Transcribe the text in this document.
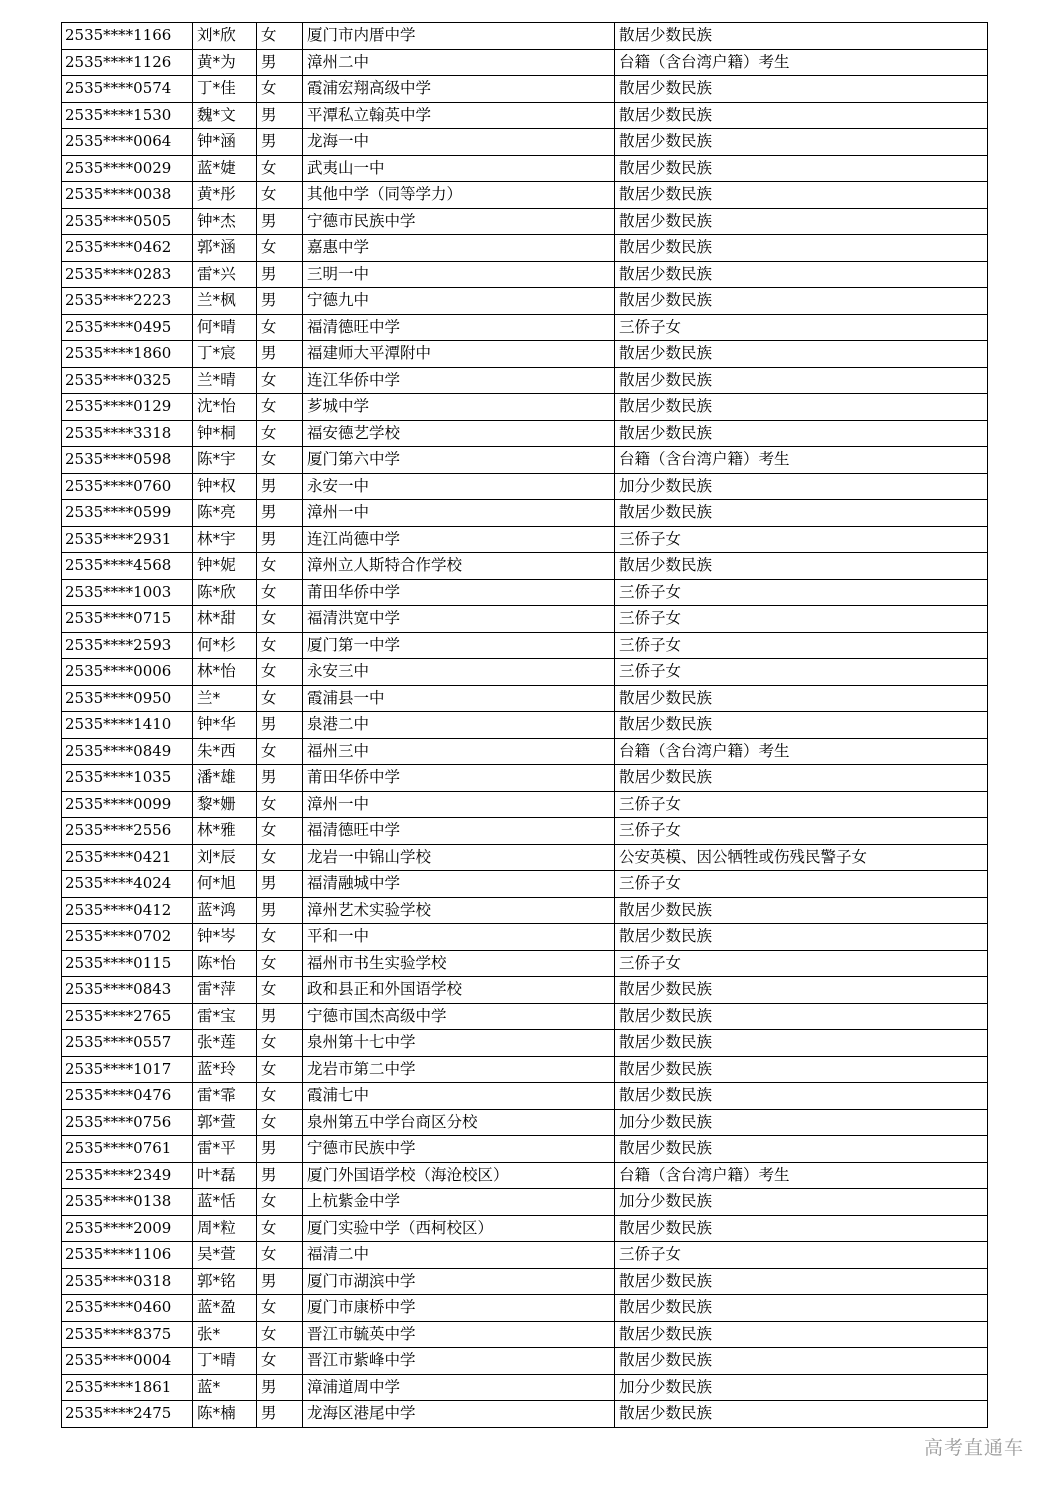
2535****1166	刘*欣	女	厦门市内厝中学	散居少数民族
2535****1126	黄*为	男	漳州二中	台籍（含台湾户籍）考生
2535****0574	丁*佳	女	霞浦宏翔高级中学	散居少数民族
2535****1530	魏*文	男	平潭私立翰英中学	散居少数民族
2535****0064	钟*涵	男	龙海一中	散居少数民族
2535****0029	蓝*婕	女	武夷山一中	散居少数民族
2535****0038	黄*彤	女	其他中学（同等学力）	散居少数民族
2535****0505	钟*杰	男	宁德市民族中学	散居少数民族
2535****0462	郭*涵	女	嘉惠中学	散居少数民族
2535****0283	雷*兴	男	三明一中	散居少数民族
2535****2223	兰*枫	男	宁德九中	散居少数民族
2535****0495	何*晴	女	福清德旺中学	三侨子女
2535****1860	丁*宸	男	福建师大平潭附中	散居少数民族
2535****0325	兰*晴	女	连江华侨中学	散居少数民族
2535****0129	沈*怡	女	芗城中学	散居少数民族
2535****3318	钟*桐	女	福安德艺学校	散居少数民族
2535****0598	陈*宇	女	厦门第六中学	台籍（含台湾户籍）考生
2535****0760	钟*权	男	永安一中	加分少数民族
2535****0599	陈*亮	男	漳州一中	散居少数民族
2535****2931	林*宇	男	连江尚德中学	三侨子女
2535****4568	钟*妮	女	漳州立人斯特合作学校	散居少数民族
2535****1003	陈*欣	女	莆田华侨中学	三侨子女
2535****0715	林*甜	女	福清洪宽中学	三侨子女
2535****2593	何*杉	女	厦门第一中学	三侨子女
2535****0006	林*怡	女	永安三中	三侨子女
2535****0950	兰*	女	霞浦县一中	散居少数民族
2535****1410	钟*华	男	泉港二中	散居少数民族
2535****0849	朱*西	女	福州三中	台籍（含台湾户籍）考生
2535****1035	潘*雄	男	莆田华侨中学	散居少数民族
2535****0099	黎*姗	女	漳州一中	三侨子女
2535****2556	林*雅	女	福清德旺中学	三侨子女
2535****0421	刘*辰	女	龙岩一中锦山学校	公安英模、因公牺牲或伤残民警子女
2535****4024	何*旭	男	福清融城中学	三侨子女
2535****0412	蓝*鸿	男	漳州艺术实验学校	散居少数民族
2535****0702	钟*岑	女	平和一中	散居少数民族
2535****0115	陈*怡	女	福州市书生实验学校	三侨子女
2535****0843	雷*萍	女	政和县正和外国语学校	散居少数民族
2535****2765	雷*宝	男	宁德市国杰高级中学	散居少数民族
2535****0557	张*莲	女	泉州第十七中学	散居少数民族
2535****1017	蓝*玲	女	龙岩市第二中学	散居少数民族
2535****0476	雷*霏	女	霞浦七中	散居少数民族
2535****0756	郭*萱	女	泉州第五中学台商区分校	加分少数民族
2535****0761	雷*平	男	宁德市民族中学	散居少数民族
2535****2349	叶*磊	男	厦门外国语学校（海沧校区）	台籍（含台湾户籍）考生
2535****0138	蓝*恬	女	上杭紫金中学	加分少数民族
2535****2009	周*粒	女	厦门实验中学（西柯校区）	散居少数民族
2535****1106	吴*萱	女	福清二中	三侨子女
2535****0318	郭*铭	男	厦门市湖滨中学	散居少数民族
2535****0460	蓝*盈	女	厦门市康桥中学	散居少数民族
2535****8375	张*	女	晋江市毓英中学	散居少数民族
2535****0004	丁*晴	女	晋江市紫峰中学	散居少数民族
2535****1861	蓝*	男	漳浦道周中学	加分少数民族
2535****2475	陈*楠	男	龙海区港尾中学	散居少数民族
高考直通车
